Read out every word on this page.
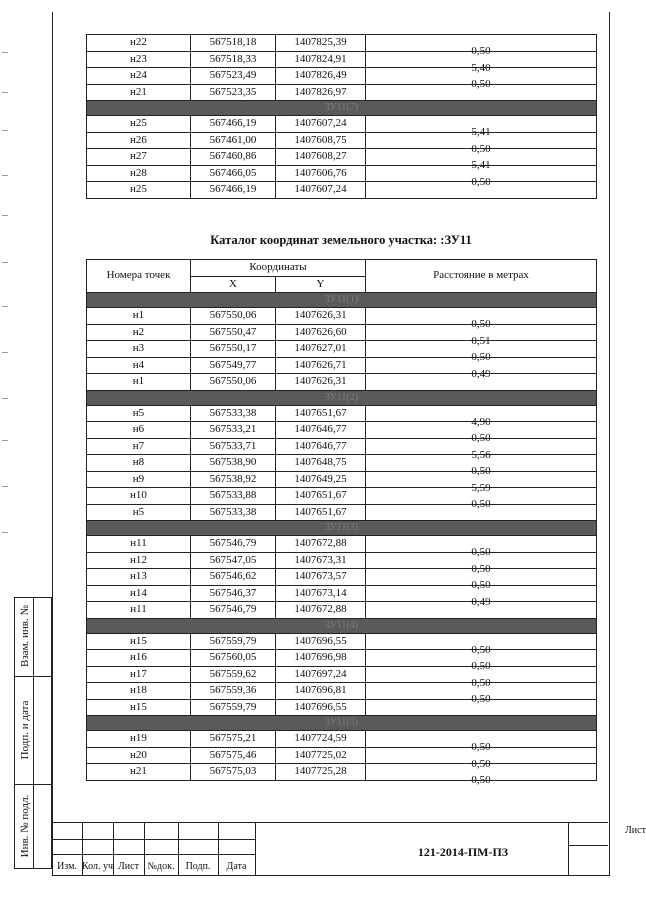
н22	567518,18	1407825,39	0,50
н23	567518,33	1407824,91	5,40
н24	567523,49	1407826,49	0,50
н21	567523,35	1407826,97	
ЗУ11(7)			
н25	567466,19	1407607,24	5,41
н26	567461,00	1407608,75	0,50
н27	567460,86	1407608,27	5,41
н28	567466,05	1407606,76	0,50
н25	567466,19	1407607,24	
Каталог координат земельного участка: :ЗУ11
Номера точек	Координаты		Расстояние в метрах
	X	Y	
ЗУ11(1)			
н1	567550,06	1407626,31	0,50
н2	567550,47	1407626,60	0,51
н3	567550,17	1407627,01	0,50
н4	567549,77	1407626,71	0,49
н1	567550,06	1407626,31	
ЗУ11(2)			
н5	567533,38	1407651,67	4,90
н6	567533,21	1407646,77	0,50
н7	567533,71	1407646,77	5,56
н8	567538,90	1407648,75	0,50
н9	567538,92	1407649,25	5,59
н10	567533,88	1407651,67	0,50
н5	567533,38	1407651,67	
ЗУ11(3)			
н11	567546,79	1407672,88	0,50
н12	567547,05	1407673,31	0,50
н13	567546,62	1407673,57	0,50
н14	567546,37	1407673,14	0,49
н11	567546,79	1407672,88	
ЗУ11(4)			
н15	567559,79	1407696,55	0,50
н16	567560,05	1407696,98	0,50
н17	567559,62	1407697,24	0,50
н18	567559,36	1407696,81	0,50
н15	567559,79	1407696,55	
ЗУ11(5)			
н19	567575,21	1407724,59	0,50
н20	567575,46	1407725,02	0,50
н21	567575,03	1407725,28	0,50
Взам. инв. №
Подп. и дата
Инв. № подл.
Изм. Кол. уч Лист №док.	Подп.	Дата
121-2014-ПМ-ПЗ
Лист
